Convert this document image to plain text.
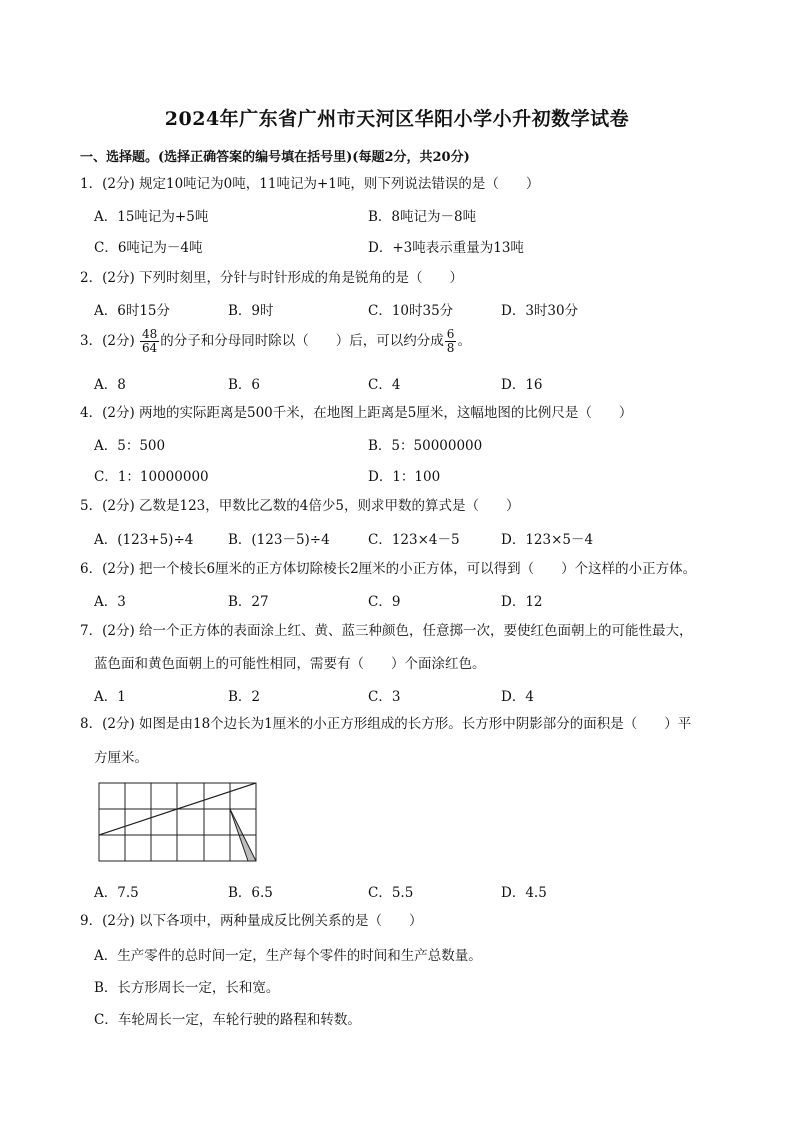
2024年广东省广州市天河区华阳小学小升初数学试卷
一、选择题。(选择正确答案的编号填在括号里)(每题2分，共20分)
1．(2分) 规定10吨记为0吨，11吨记为+1吨，则下列说法错误的是（　　）
A．15吨记为+5吨	B．8吨记为－8吨
C．6吨记为－4吨	D．+3吨表示重量为13吨
2．(2分) 下列时刻里，分针与时针形成的角是锐角的是（　　）
A．6时15分	B．9时	C．10时35分	D．3时30分
3．(2分) $\frac{48}{64}$ 的分子和分母同时除以（　　）后，可以约分成 $\frac{6}{8}$ 。
A．8	B．6	C．4	D．16
4．(2分) 两地的实际距离是500千米，在地图上距离是5厘米，这幅地图的比例尺是（　　）
A．5：500	B．5：50000000
C．1：10000000	D．1：100
5．(2分) 乙数是123，甲数比乙数的4倍少5，则求甲数的算式是（　　）
A．(123+5)÷4	B．(123－5)÷4	C．123×4－5	D．123×5－4
6．(2分) 把一个棱长6厘米的正方体切除棱长2厘米的小正方体，可以得到（　　）个这样的小正方体。
A．3	B．27	C．9	D．12
7．(2分) 给一个正方体的表面涂上红、黄、蓝三种颜色，任意掷一次，要使红色面朝上的可能性最大，
蓝色面和黄色面朝上的可能性相同，需要有（　　）个面涂红色。
A．1	B．2	C．3	D．4
8．(2分) 如图是由18个边长为1厘米的小正方形组成的长方形。长方形中阴影部分的面积是（　　）平
方厘米。
A．7.5	B．6.5	C．5.5	D．4.5
9．(2分) 以下各项中，两种量成反比例关系的是（　　）
A．生产零件的总时间一定，生产每个零件的时间和生产总数量。
B．长方形周长一定，长和宽。
C．车轮周长一定，车轮行驶的路程和转数。
